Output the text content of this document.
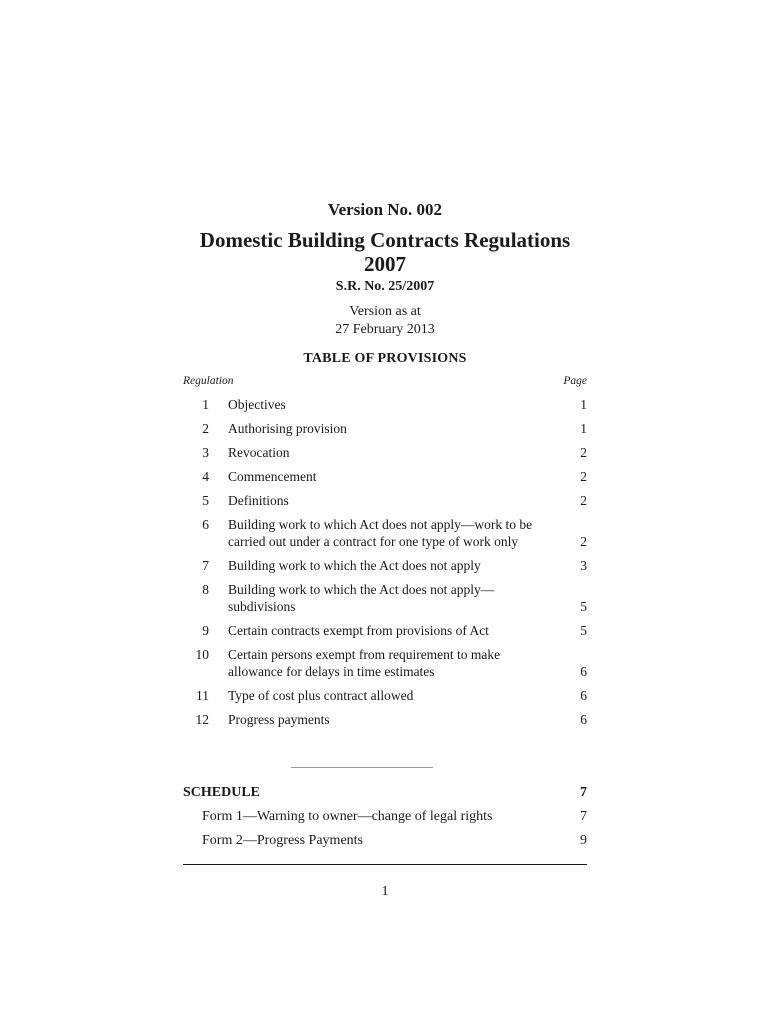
Version No. 002
Domestic Building Contracts Regulations
2007
S.R. No. 25/2007
Version as at
27 February 2013
TABLE OF PROVISIONS
Regulation	Page
1 Objectives	1
2 Authorising provision	1
3 Revocation	2
4 Commencement	2
5 Definitions	2
6 Building work to which Act does not apply—work to be carried out under a contract for one type of work only	2
7 Building work to which the Act does not apply	3
8 Building work to which the Act does not apply—subdivisions	5
9 Certain contracts exempt from provisions of Act	5
10 Certain persons exempt from requirement to make allowance for delays in time estimates	6
11 Type of cost plus contract allowed	6
12 Progress payments	6
SCHEDULE	7
Form 1—Warning to owner—change of legal rights	7
Form 2—Progress Payments	9
1
